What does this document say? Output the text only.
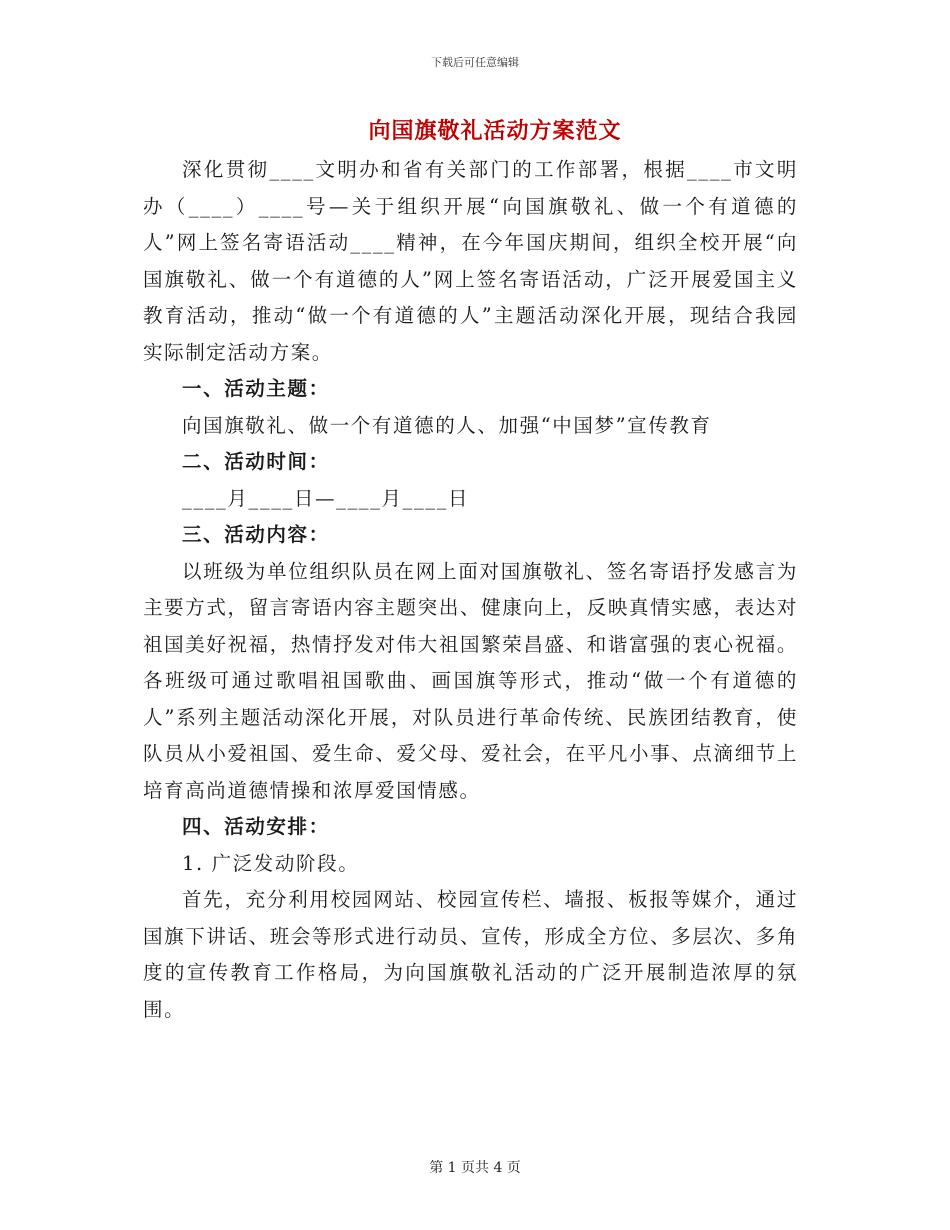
下载后可任意编辑
向国旗敬礼活动方案范文

深化贯彻____文明办和省有关部门的工作部署，根据____市文明办（____）____号—关于组织开展“向国旗敬礼、做一个有道德的人”网上签名寄语活动____精神，在今年国庆期间，组织全校开展“向国旗敬礼、做一个有道德的人”网上签名寄语活动，广泛开展爱国主义教育活动，推动“做一个有道德的人”主题活动深化开展，现结合我园实际制定活动方案。

一、活动主题：

向国旗敬礼、做一个有道德的人、加强“中国梦”宣传教育

二、活动时间：

____月____日—____月____日

三、活动内容：

以班级为单位组织队员在网上面对国旗敬礼、签名寄语抒发感言为主要方式，留言寄语内容主题突出、健康向上，反映真情实感，表达对祖国美好祝福，热情抒发对伟大祖国繁荣昌盛、和谐富强的衷心祝福。各班级可通过歌唱祖国歌曲、画国旗等形式，推动“做一个有道德的人”系列主题活动深化开展，对队员进行革命传统、民族团结教育，使队员从小爱祖国、爱生命、爱父母、爱社会，在平凡小事、点滴细节上培育高尚道德情操和浓厚爱国情感。

四、活动安排：

1. 广泛发动阶段。

首先，充分利用校园网站、校园宣传栏、墙报、板报等媒介，通过国旗下讲话、班会等形式进行动员、宣传，形成全方位、多层次、多角度的宣传教育工作格局，为向国旗敬礼活动的广泛开展制造浓厚的氛围。

第 1 页共 4 页
